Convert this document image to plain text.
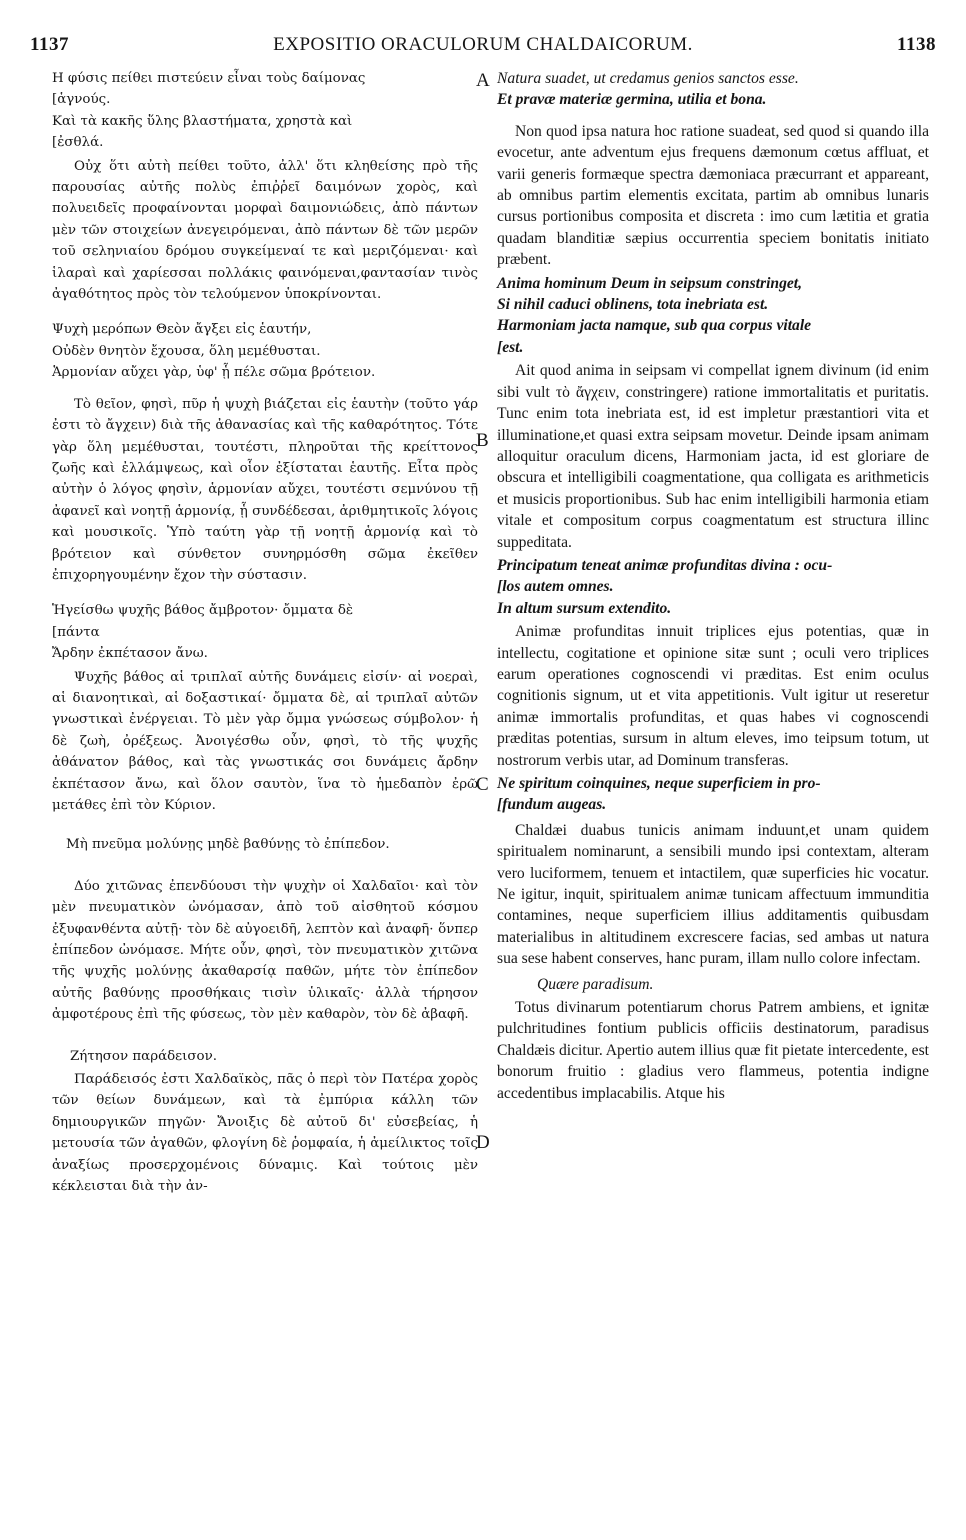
1137	EXPOSITIO ORACULORUM CHALDAICORUM.	1138
A
B
C
D

Η φύσις πείθει πιστεύειν εἶναι τοὺς δαίμονας
[ἁγνούς.
Καὶ τὰ κακῆς ὕλης βλαστήματα, χρηστὰ καὶ
[ἐσθλά.

Οὐχ ὅτι αὐτὴ πείθει τοῦτο, ἀλλ' ὅτι κληθείσης πρὸ τῆς παρουσίας αὐτῆς πολὺς ἐπιῤῥεῖ δαιμόνων χορὸς, καὶ πολυειδεῖς προφαίνονται μορφαὶ δαιμονιώδεις, ἀπὸ πάντων μὲν τῶν στοιχείων ἀνεγειρόμεναι, ἀπὸ πάντων δὲ τῶν μερῶν τοῦ σεληνιαίου δρόμου συγκείμεναί τε καὶ μεριζόμεναι· καὶ ἱλαραὶ καὶ χαρίεσσαι πολλάκις φαινόμεναι,φαντασίαν τινὸς ἀγαθότητος πρὸς τὸν τελούμενον ὑποκρίνονται.

Ψυχὴ μερόπων Θεὸν ἄγξει εἰς ἑαυτήν,
Οὐδὲν θνητὸν ἔχουσα, ὅλη μεμέθυσται.
Ἁρμονίαν αὔχει γὰρ, ὑφ' ᾗ πέλε σῶμα βρότειον.

Τὸ θεῖον, φησὶ, πῦρ ἡ ψυχὴ βιάζεται εἰς ἑαυτὴν (τοῦτο γάρ ἐστι τὸ ἄγχειν) διὰ τῆς ἀθανασίας καὶ τῆς καθαρότητος. Τότε γὰρ ὅλη μεμέθυσται, τουτέστι, πληροῦται τῆς κρείττονος ζωῆς καὶ ἐλλάμψεως, καὶ οἷον ἐξίσταται ἑαυτῆς. Εἶτα πρὸς αὐτὴν ὁ λόγος φησὶν, ἁρμονίαν αὔχει, τουτέστι σεμνύνου τῇ ἀφανεῖ καὶ νοητῇ ἁρμονίᾳ, ᾗ συνδέδεσαι, ἀριθμητικοῖς λόγοις καὶ μουσικοῖς. Ὑπὸ ταύτη γὰρ τῇ νοητῇ ἁρμονίᾳ καὶ τὸ βρότειον καὶ σύνθετον συνηρμόσθη σῶμα ἐκεῖθεν ἐπιχορηγουμένην ἔχον τὴν σύστασιν.

Ἡγείσθω ψυχῆς βάθος ἄμβροτον· ὄμματα δὲ
[πάντα
Ἄρδην ἐκπέτασον ἄνω.

Ψυχῆς βάθος αἱ τριπλαῖ αὐτῆς δυνάμεις εἰσίν· αἱ νοεραὶ, αἱ διανοητικαὶ, αἱ δοξαστικαί· ὄμματα δὲ, αἱ τριπλαῖ αὐτῶν γνωστικαὶ ἐνέργειαι. Τὸ μὲν γὰρ ὄμμα γνώσεως σύμβολον· ἡ δὲ ζωὴ, ὀρέξεως. Ἀνοιγέσθω οὖν, φησὶ, τὸ τῆς ψυχῆς ἀθάνατον βάθος, καὶ τὰς γνωστικάς σοι δυνάμεις ἄρδην ἐκπέτασον ἄνω, καὶ ὅλον σαυτὸν, ἵνα τὸ ἡμεδαπὸν ἐρῶ μετάθες ἐπὶ τὸν Κύριον.

Μὴ πνεῦμα μολύνῃς μηδὲ βαθύνῃς τὸ ἐπίπεδον.

Δύο χιτῶνας ἐπενδύουσι τὴν ψυχὴν οἱ Χαλδαῖοι· καὶ τὸν μὲν πνευματικὸν ὠνόμασαν, ἀπὸ τοῦ αἰσθητοῦ κόσμου ἐξυφανθέντα αὐτῇ· τὸν δὲ αὐγοειδῆ, λεπτὸν καὶ ἀναφῆ· ὅνπερ ἐπίπεδον ὠνόμασε. Μήτε οὖν, φησὶ, τὸν πνευματικὸν χιτῶνα τῆς ψυχῆς μολύνῃς ἀκαθαρσίᾳ παθῶν, μήτε τὸν ἐπίπεδον αὐτῆς βαθύνῃς προσθήκαις τισὶν ὑλικαῖς· ἀλλὰ τήρησον ἀμφοτέρους ἐπὶ τῆς φύσεως, τὸν μὲν καθαρὸν, τὸν δὲ ἀβαφῆ.

Ζήτησον παράδεισον.

Παράδεισός ἐστι Χαλδαϊκὸς, πᾶς ὁ περὶ τὸν Πατέρα χορὸς τῶν θείων δυνάμεων, καὶ τὰ ἐμπύρια κάλλη τῶν δημιουργικῶν πηγῶν· Ἄνοιξις δὲ αὐτοῦ δι' εὐσεβείας, ἡ μετουσία τῶν ἀγαθῶν, φλογίνη δὲ ῥομφαία, ἡ ἀμείλικτος τοῖς ἀναξίως προσερχομένοις δύναμις. Καὶ τούτοις μὲν κέκλεισται διὰ τὴν ἀν-

Natura suadet, ut credamus genios sanctos esse.

Et pravæ materiæ germina, utilia et bona.

Non quod ipsa natura hoc ratione suadeat, sed quod si quando illa evocetur, ante adventum ejus frequens dæmonum cœtus affluat, et varii generis formæque spectra dæmoniaca præcurrant et appareant, ab omnibus partim elementis excitata, partim ab omnibus lunaris cursus portionibus composita et discreta : imo cum lætitia et gratia quadam blanditiæ sæpius occurrentia speciem bonitatis initiato præbent.

Anima hominum Deum in seipsum constringet,
Si nihil caduci oblinens, tota inebriata est.
Harmoniam jacta namque, sub qua corpus vitale
[est.

Ait quod anima in seipsam vi compellat ignem divinum (id enim sibi vult τὸ ἄγχειν, constringere) ratione immortalitatis et puritatis. Tunc enim tota inebriata est, id est impletur præstantiori vita et illuminatione,et quasi extra seipsam movetur. Deinde ipsam animam alloquitur oraculum dicens, Harmoniam jacta, id est gloriare de obscura et intelligibili coagmentatione, qua colligata es arithmeticis et musicis proportionibus. Sub hac enim intelligibili harmonia etiam vitale et compositum corpus coagmentatum est structura illinc suppeditata.

Principatum teneat animæ profunditas divina : ocu-
[los autem omnes.
In altum sursum extendito.

Animæ profunditas innuit triplices ejus potentias, quæ in intellectu, cogitatione et opinione sitæ sunt ; oculi vero triplices earum operationes cognoscendi vi præditas. Est enim oculus cognitionis signum, ut et vita appetitionis. Vult igitur ut reseretur animæ immortalis profunditas, et quas habes vi cognoscendi præditas potentias, sursum in altum eleves, imo teipsum totum, ut nostrorum verbis utar, ad Dominum transferas.

Ne spiritum coinquines, neque superficiem in pro-
[fundum augeas.

Chaldæi duabus tunicis animam induunt,et unam quidem spiritualem nominarunt, a sensibili mundo ipsi contextam, alteram vero luciformem, tenuem et intactilem, quæ superficies hic vocatur. Ne igitur, inquit, spiritualem animæ tunicam affectuum immunditia contamines, neque superficiem illius additamentis quibusdam materialibus in altitudinem excrescere facias, sed ambas ut natura sua sese habent conserves, hanc puram, illam nullo colore infectam.

Quære paradisum.

Totus divinarum potentiarum chorus Patrem ambiens, et ignitæ pulchritudines fontium publicis officiis destinatorum, paradisus Chaldæis dicitur. Apertio autem illius quæ fit pietate intercedente, est bonorum fruitio : gladius vero flammeus, potentia indigne accedentibus implacabilis. Atque his
